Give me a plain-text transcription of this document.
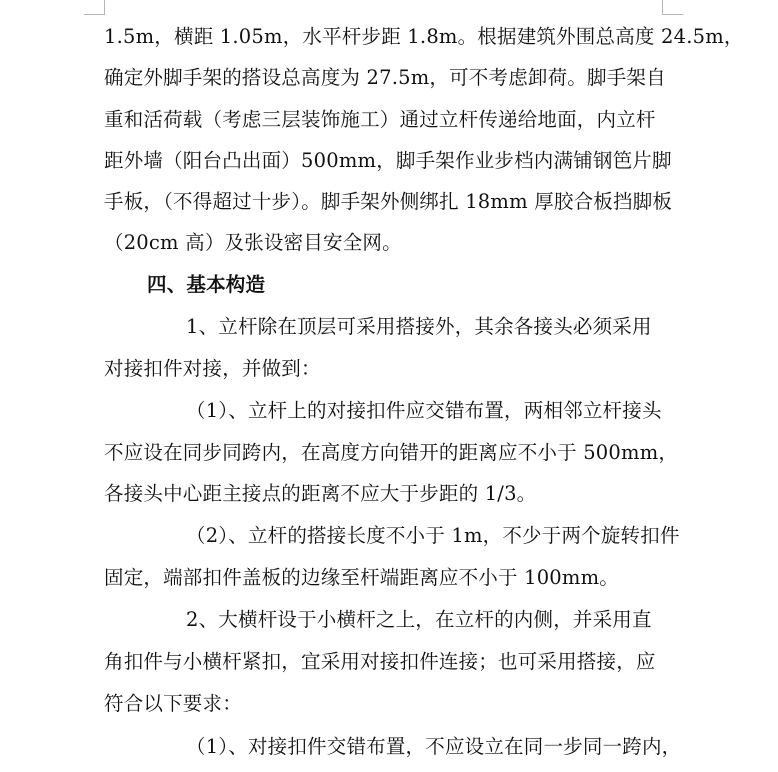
1.5m，横距 1.05m，水平杆步距 1.8m。根据建筑外围总高度 24.5m，
确定外脚手架的搭设总高度为 27.5m，可不考虑卸荷。脚手架自
重和活荷载（考虑三层装饰施工）通过立杆传递给地面，内立杆
距外墙（阳台凸出面）500mm，脚手架作业步档内满铺钢笆片脚
手板，（不得超过十步）。脚手架外侧绑扎 18mm 厚胶合板挡脚板
（20cm 高）及张设密目安全网。
四、基本构造
1、立杆除在顶层可采用搭接外，其余各接头必须采用
对接扣件对接，并做到：
（1）、立杆上的对接扣件应交错布置，两相邻立杆接头
不应设在同步同跨内，在高度方向错开的距离应不小于 500mm，
各接头中心距主接点的距离不应大于步距的 1/3。
（2）、立杆的搭接长度不小于 1m，不少于两个旋转扣件
固定，端部扣件盖板的边缘至杆端距离应不小于 100mm。
2、大横杆设于小横杆之上，在立杆的内侧，并采用直
角扣件与小横杆紧扣，宜采用对接扣件连接；也可采用搭接，应
符合以下要求：
（1）、对接扣件交错布置，不应设立在同一步同一跨内，
